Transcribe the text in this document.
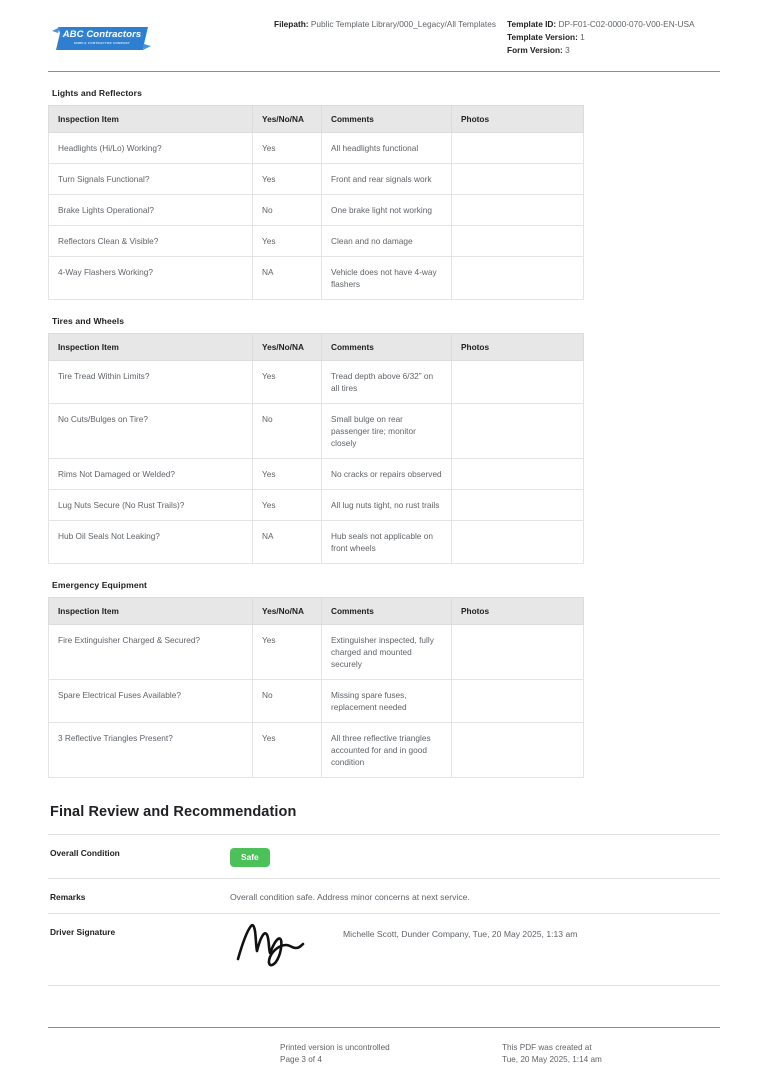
ABC Contractors
SIMPLE CONTRACTOR COMPANY
Filepath: Public Template Library/000_Legacy/All Templates Template ID: DP-F01-C02-0000-070-V00-EN-USA
Template Version: 1
Form Version: 3
Lights and Reflectors
Inspection Item	Yes/No/NA	Comments	Photos
Headlights (Hi/Lo) Working?	Yes	All headlights functional	
Turn Signals Functional?	Yes	Front and rear signals work	
Brake Lights Operational?	No	One brake light not working	
Reflectors Clean & Visible?	Yes	Clean and no damage	
4-Way Flashers Working?	NA	Vehicle does not have 4-way flashers	
Tires and Wheels
Inspection Item	Yes/No/NA	Comments	Photos
Tire Tread Within Limits?	Yes	Tread depth above 6/32” on all tires	
No Cuts/Bulges on Tire?	No	Small bulge on rear passenger tire; monitor closely	
Rims Not Damaged or Welded?	Yes	No cracks or repairs observed	
Lug Nuts Secure (No Rust Trails)?	Yes	All lug nuts tight, no rust trails	
Hub Oil Seals Not Leaking?	NA	Hub seals not applicable on front wheels	
Emergency Equipment
Inspection Item	Yes/No/NA	Comments	Photos
Fire Extinguisher Charged & Secured?	Yes	Extinguisher inspected, fully charged and mounted securely	
Spare Electrical Fuses Available?	No	Missing spare fuses, replacement needed	
3 Reflective Triangles Present?	Yes	All three reflective triangles accounted for and in good condition	
Final Review and Recommendation
Overall Condition	Safe
Remarks	Overall condition safe. Address minor concerns at next service.
Driver Signature	Michelle Scott, Dunder Company, Tue, 20 May 2025, 1:13 am
Printed version is uncontrolled
Page 3 of 4
This PDF was created at
Tue, 20 May 2025, 1:14 am
